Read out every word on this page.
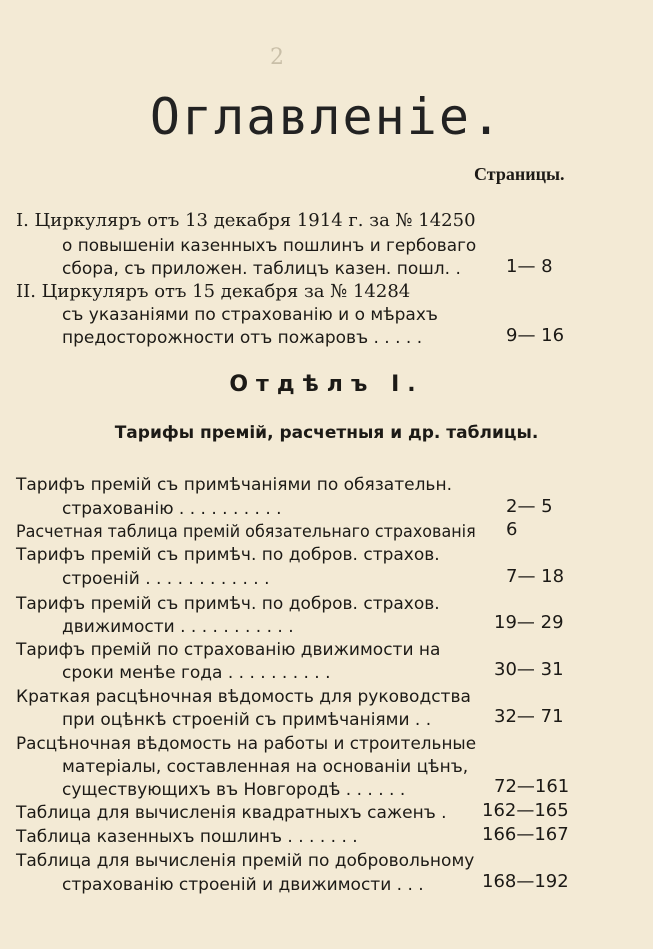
2
Оглавленіе.
Страницы.
I. Циркуляръ отъ 13 декабря 1914 г. за № 14250
о повышеніи казенныхъ пошлинъ и гербоваго
сбора, съ приложен. таблицъ казен. пошл. .	1— 8
II. Циркуляръ отъ 15 декабря за № 14284
съ указаніями по страхованію и о мѣрахъ
предосторожности отъ пожаровъ . . . . .	9— 16
Отдѣлъ I.
Тарифы премій, расчетныя и др. таблицы.
Тарифъ премій съ примѣчаніями по обязательн.
страхованію . . . . . . . . . .	2— 5
Расчетная таблица премій обязательнаго страхованія 6
Тарифъ премій съ примѣч. по добров. страхов.
строеній . . . . . . . . . . . .	7— 18
Тарифъ премій съ примѣч. по добров. страхов.
движимости . . . . . . . . . . .	19— 29
Тарифъ премій по страхованію движимости на
сроки менѣе года . . . . . . . . . .	30— 31
Краткая расцѣночная вѣдомость для руководства
при оцѣнкѣ строеній съ примѣчаніями . .	32— 71
Расцѣночная вѣдомость на работы и строительные
матеріалы, составленная на основаніи цѣнъ,
существующихъ въ Новгородѣ . . . . . .	72—161
Таблица для вычисленія квадратныхъ саженъ . 162—165
Таблица казенныхъ пошлинъ . . . . . . .	166—167
Таблица для вычисленія премій по добровольному
страхованію строеній и движимости . . .	168—192
